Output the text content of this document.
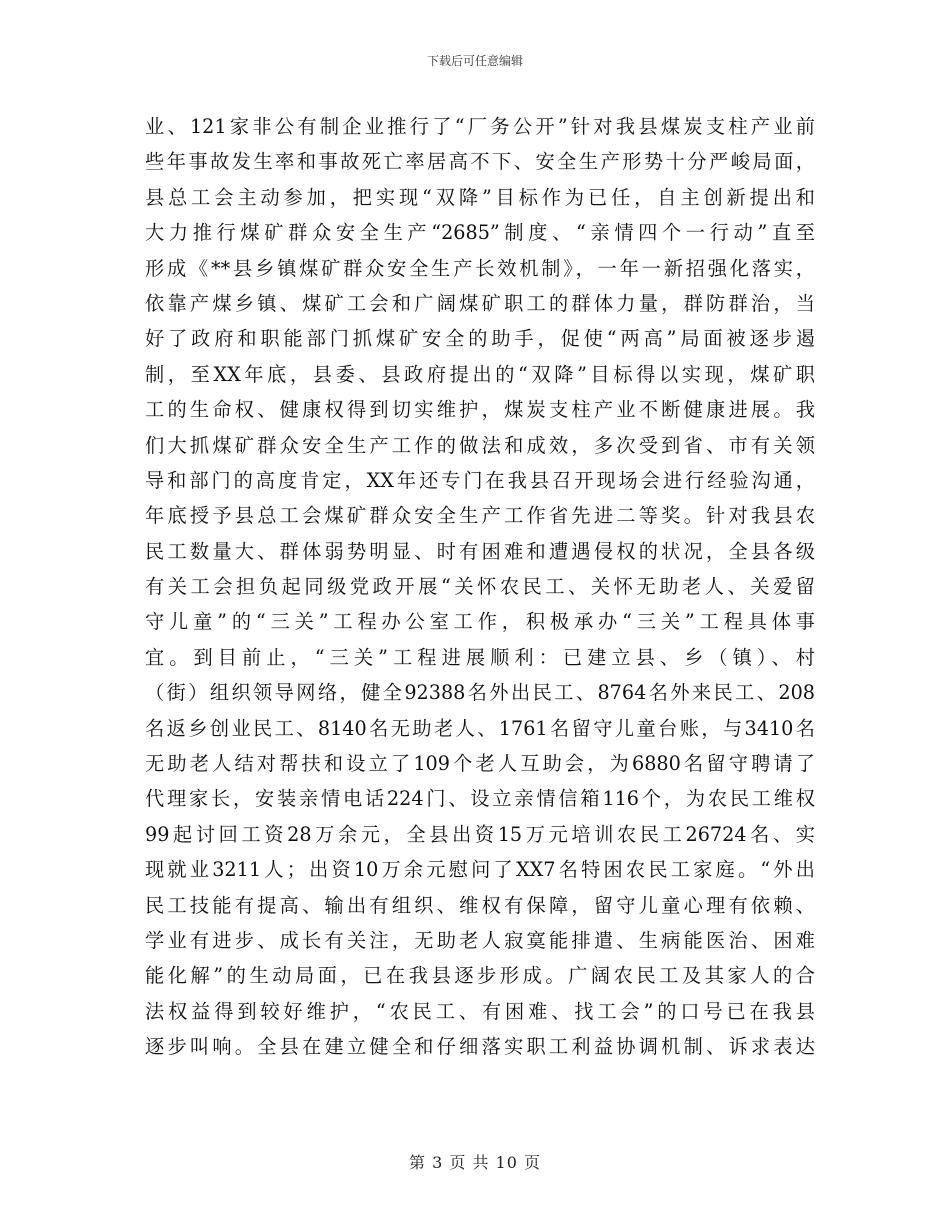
下载后可任意编辑
业、121家非公有制企业推行了“厂务公开”针对我县煤炭支柱产业前
些年事故发生率和事故死亡率居高不下、安全生产形势十分严峻局面，
县总工会主动参加，把实现“双降”目标作为已任，自主创新提出和
大力推行煤矿群众安全生产“2685”制度、“亲情四个一行动”直至
形成《**县乡镇煤矿群众安全生产长效机制》，一年一新招强化落实，
依靠产煤乡镇、煤矿工会和广阔煤矿职工的群体力量，群防群治，当
好了政府和职能部门抓煤矿安全的助手，促使“两高”局面被逐步遏
制，至XX年底，县委、县政府提出的“双降”目标得以实现，煤矿职
工的生命权、健康权得到切实维护，煤炭支柱产业不断健康进展。我
们大抓煤矿群众安全生产工作的做法和成效，多次受到省、市有关领
导和部门的高度肯定，XX年还专门在我县召开现场会进行经验沟通，
年底授予县总工会煤矿群众安全生产工作省先进二等奖。针对我县农
民工数量大、群体弱势明显、时有困难和遭遇侵权的状况，全县各级
有关工会担负起同级党政开展“关怀农民工、关怀无助老人、关爱留
守儿童”的“三关”工程办公室工作，积极承办“三关”工程具体事
宜。到目前止，“三关”工程进展顺利：已建立县、乡（镇）、村
（街）组织领导网络，健全92388名外出民工、8764名外来民工、208
名返乡创业民工、8140名无助老人、1761名留守儿童台账，与3410名
无助老人结对帮扶和设立了109个老人互助会，为6880名留守聘请了
代理家长，安装亲情电话224门、设立亲情信箱116个，为农民工维权
99起讨回工资28万余元，全县出资15万元培训农民工26724名、实
现就业3211人；出资10万余元慰问了XX7名特困农民工家庭。“外出
民工技能有提高、输出有组织、维权有保障，留守儿童心理有依赖、
学业有进步、成长有关注，无助老人寂寞能排遣、生病能医治、困难
能化解”的生动局面，已在我县逐步形成。广阔农民工及其家人的合
法权益得到较好维护，“农民工、有困难、找工会”的口号已在我县
逐步叫响。全县在建立健全和仔细落实职工利益协调机制、诉求表达
第 3 页 共 10 页
